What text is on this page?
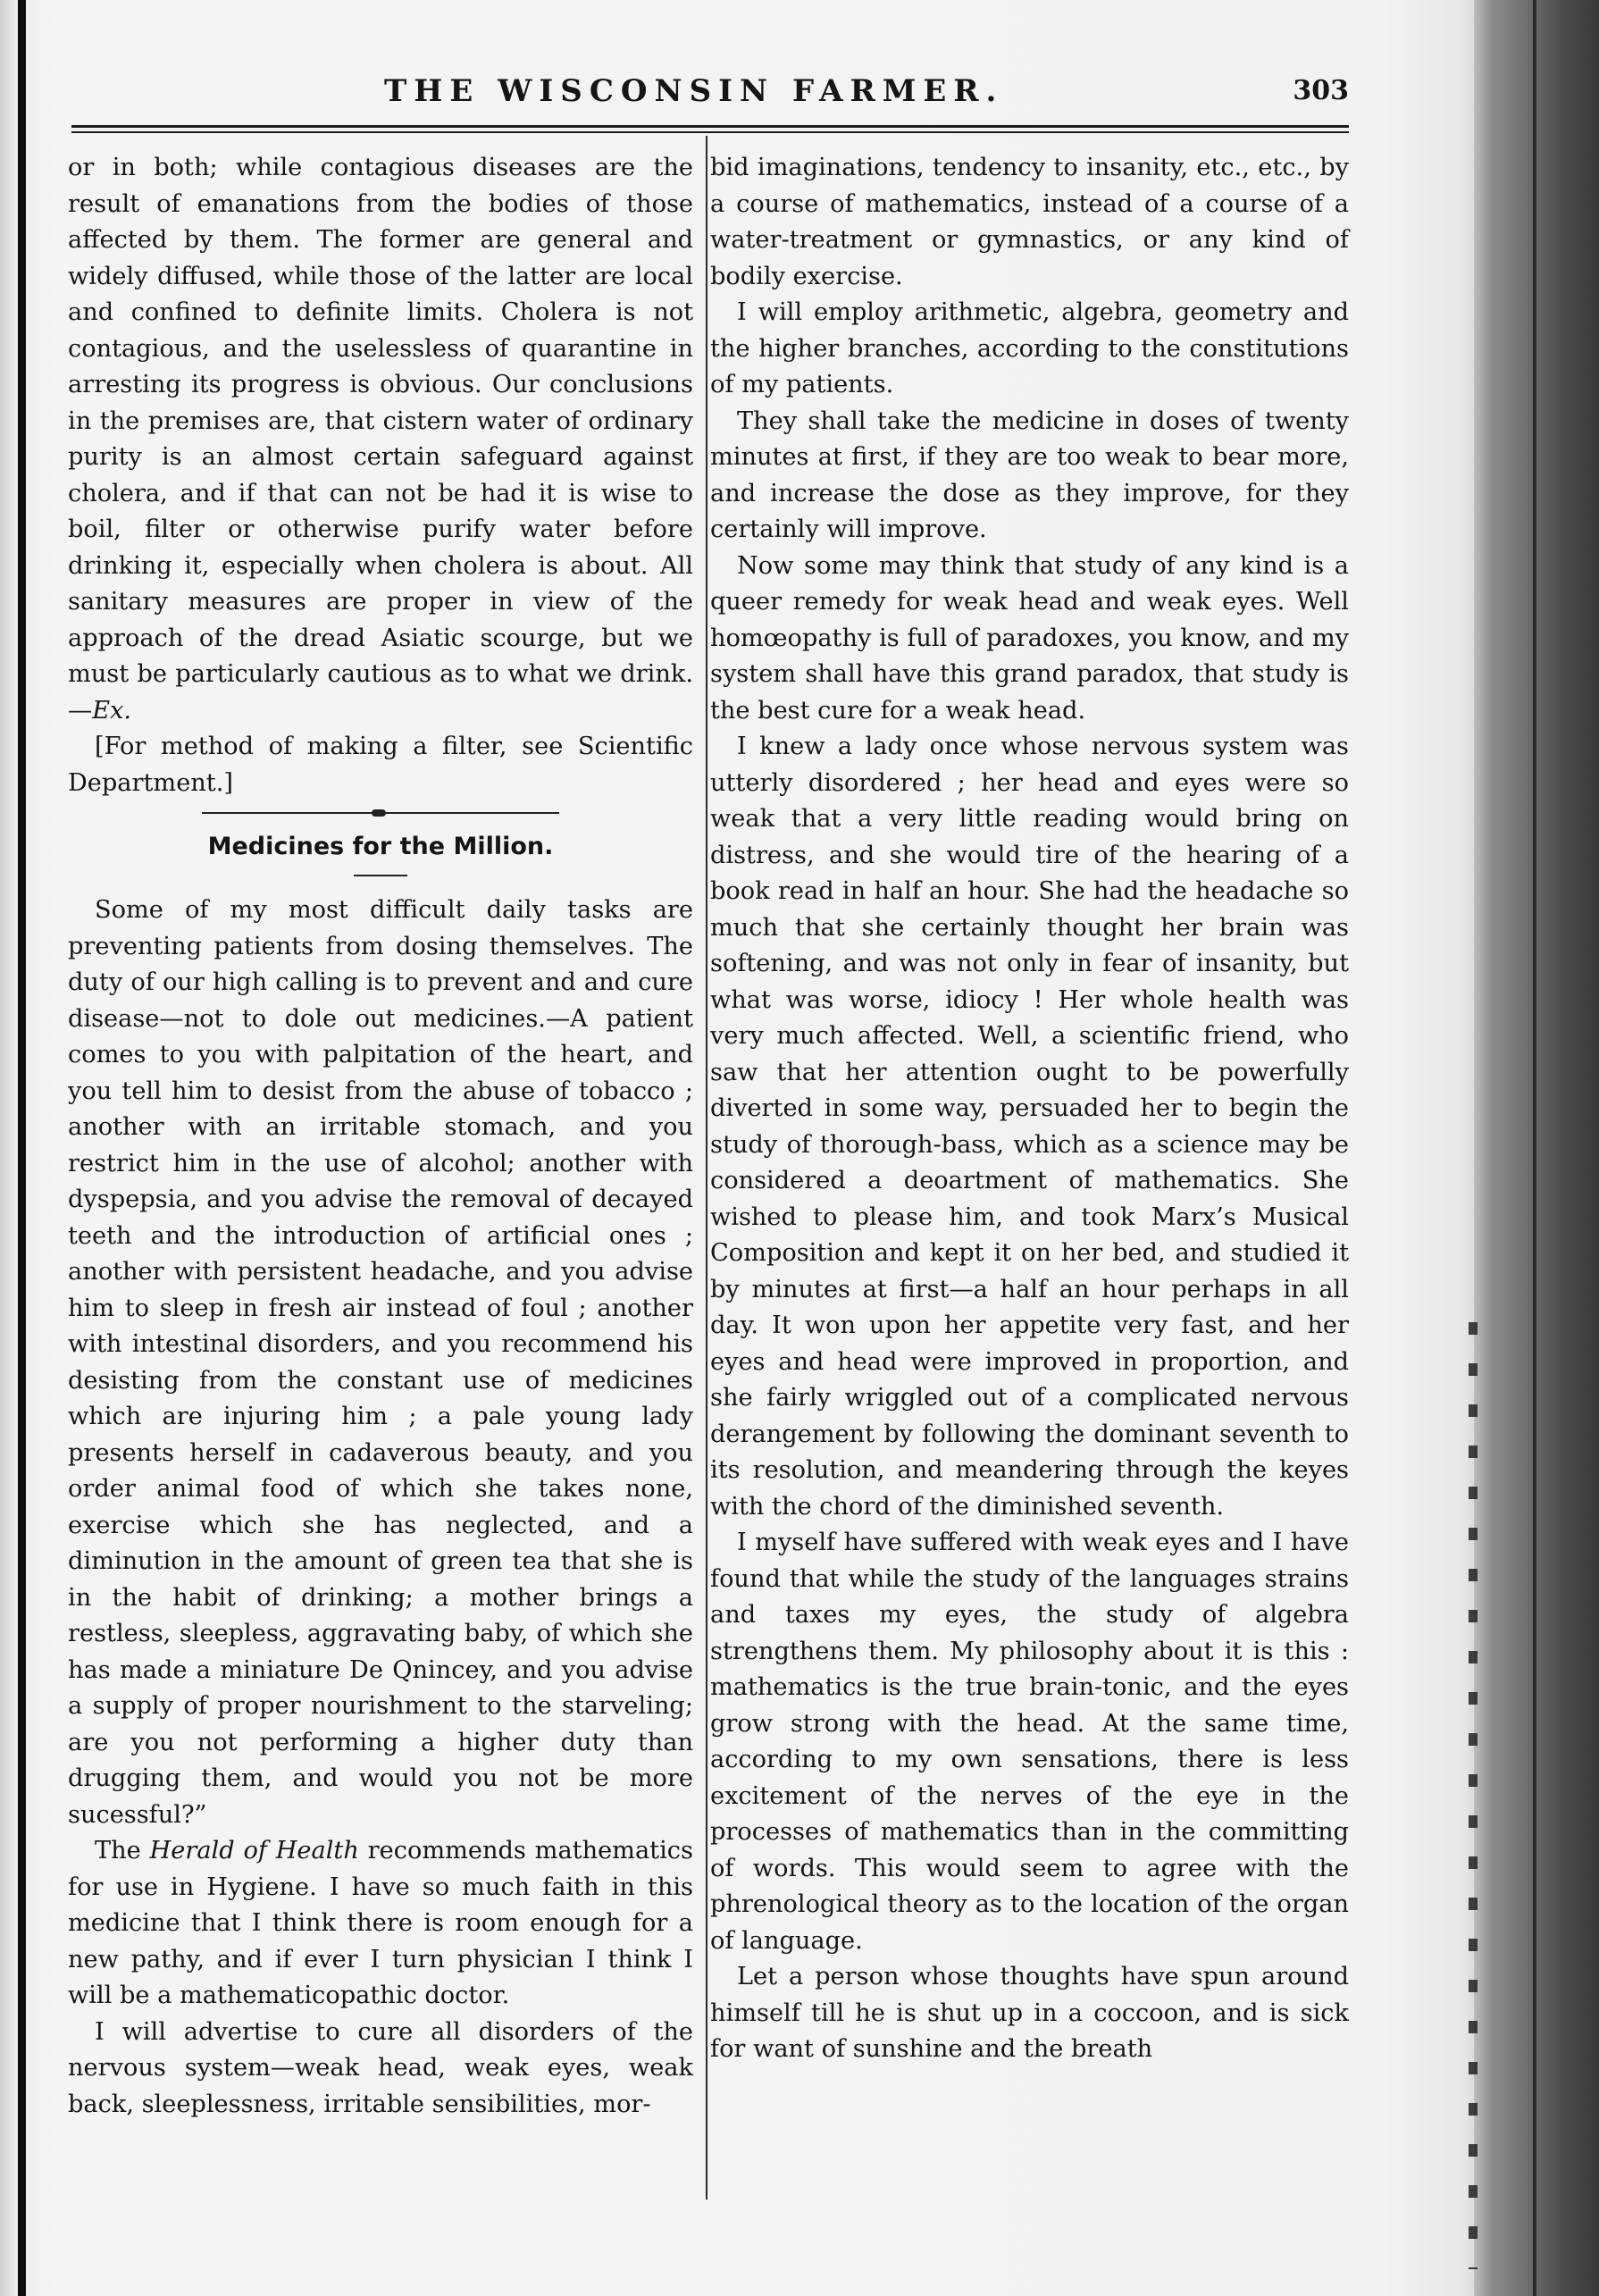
THE WISCONSIN FARMER.	303

or in both; while contagious diseases are the result of emanations from the bodies of those affected by them. The former are general and widely diffused, while those of the latter are local and confined to definite limits. Cholera is not contagious, and the uselessless of quarantine in arresting its progress is obvious. Our conclusions in the premises are, that cistern water of ordinary purity is an almost certain safeguard against cholera, and if that can not be had it is wise to boil, filter or otherwise purify water before drinking it, especially when cholera is about. All sanitary measures are proper in view of the approach of the dread Asiatic scourge, but we must be particularly cautious as to what we drink.—Ex.

[For method of making a filter, see Scientific Department.]

Medicines for the Million.

Some of my most difficult daily tasks are preventing patients from dosing themselves. The duty of our high calling is to prevent and and cure disease—not to dole out medicines.—A patient comes to you with palpitation of the heart, and you tell him to desist from the abuse of tobacco ; another with an irritable stomach, and you restrict him in the use of alcohol; another with dyspepsia, and you advise the removal of decayed teeth and the introduction of artificial ones ; another with persistent headache, and you advise him to sleep in fresh air instead of foul ; another with intestinal disorders, and you recommend his desisting from the constant use of medicines which are injuring him ; a pale young lady presents herself in cadaverous beauty, and you order animal food of which she takes none, exercise which she has neglected, and a diminution in the amount of green tea that she is in the habit of drinking; a mother brings a restless, sleepless, aggravating baby, of which she has made a miniature De Qnincey, and you advise a supply of proper nourishment to the starveling; are you not performing a higher duty than drugging them, and would you not be more sucessful?”

The Herald of Health recommends mathematics for use in Hygiene. I have so much faith in this medicine that I think there is room enough for a new pathy, and if ever I turn physician I think I will be a mathematicopathic doctor.

I will advertise to cure all disorders of the nervous system—weak head, weak eyes, weak back, sleeplessness, irritable sensibilities, mor-

bid imaginations, tendency to insanity, etc., etc., by a course of mathematics, instead of a course of a water-treatment or gymnastics, or any kind of bodily exercise.

I will employ arithmetic, algebra, geometry and the higher branches, according to the constitutions of my patients.

They shall take the medicine in doses of twenty minutes at first, if they are too weak to bear more, and increase the dose as they improve, for they certainly will improve.

Now some may think that study of any kind is a queer remedy for weak head and weak eyes. Well homœopathy is full of paradoxes, you know, and my system shall have this grand paradox, that study is the best cure for a weak head.

I knew a lady once whose nervous system was utterly disordered ; her head and eyes were so weak that a very little reading would bring on distress, and she would tire of the hearing of a book read in half an hour. She had the headache so much that she certainly thought her brain was softening, and was not only in fear of insanity, but what was worse, idiocy ! Her whole health was very much affected. Well, a scientific friend, who saw that her attention ought to be powerfully diverted in some way, persuaded her to begin the study of thorough-bass, which as a science may be considered a deoartment of mathematics. She wished to please him, and took Marx’s Musical Composition and kept it on her bed, and studied it by minutes at first—a half an hour perhaps in all day. It won upon her appetite very fast, and her eyes and head were improved in proportion, and she fairly wriggled out of a complicated nervous derangement by following the dominant seventh to its resolution, and meandering through the keyes with the chord of the diminished seventh.

I myself have suffered with weak eyes and I have found that while the study of the languages strains and taxes my eyes, the study of algebra strengthens them. My philosophy about it is this : mathematics is the true brain-tonic, and the eyes grow strong with the head. At the same time, according to my own sensations, there is less excitement of the nerves of the eye in the processes of mathematics than in the committing of words. This would seem to agree with the phrenological theory as to the location of the organ of language.

Let a person whose thoughts have spun around himself till he is shut up in a coccoon, and is sick for want of sunshine and the breath
